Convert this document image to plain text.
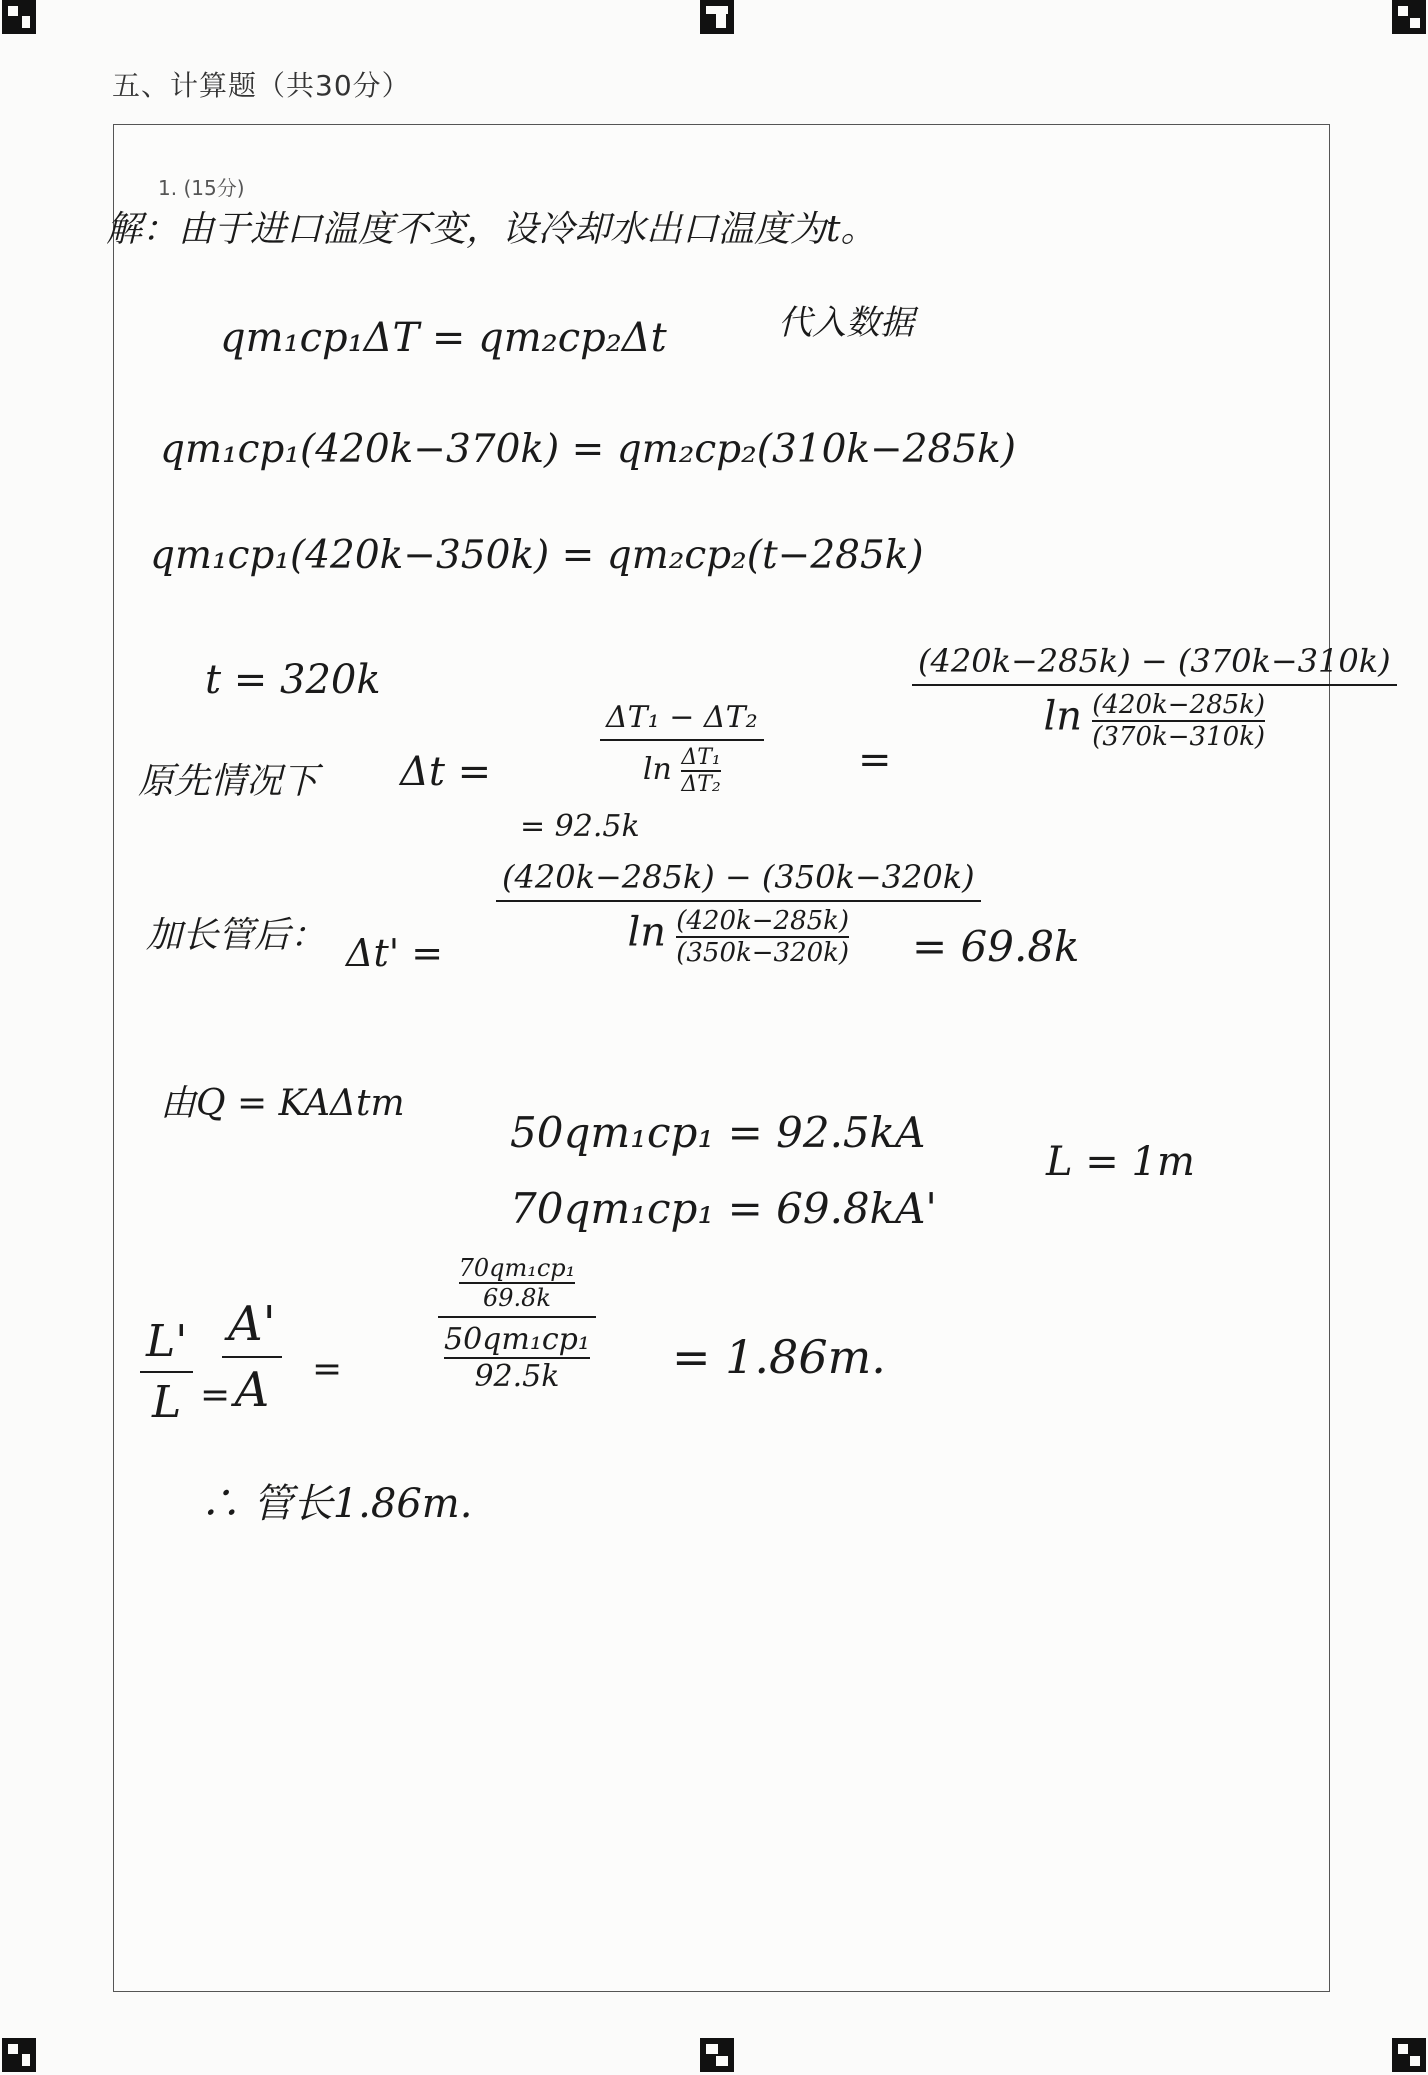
五、计算题（共30分）
1. (15分)
解：由于进口温度不变，设冷却水出口温度为t。
qm₁cp₁ΔT = qm₂cp₂Δt	代入数据
qm₁cp₁(420k−370k) = qm₂cp₂(310k−285k)
qm₁cp₁(420k−350k) = qm₂cp₂(t−285k)
t = 320k
原先情况下 Δt =
ΔT₁ − ΔT₂
$\ln \frac{\text{ΔT₁}}{\text{ΔT₂}}$	=
(420k−285k) − (370k−310k)
$\ln \frac{(420k-285k)}{(370k-310k)}$
= 92.5k
加长管后： Δt' =
(420k−285k) − (350k−320k)
$\ln \frac{(420k-285k)}{(350k-320k)} = 69.8k$
由Q = KAΔtm
50qm₁cp₁ = 92.5kA
L = 1m
70qm₁cp₁ = 69.8kA'
L'
L =
A'
A =
$\frac{\text{70qm₁cp₁}}{69.8k}$
$\frac{\text{50qm₁cp₁}}{92.5k} = 1.86m$.
∴ 管长1.86m.
